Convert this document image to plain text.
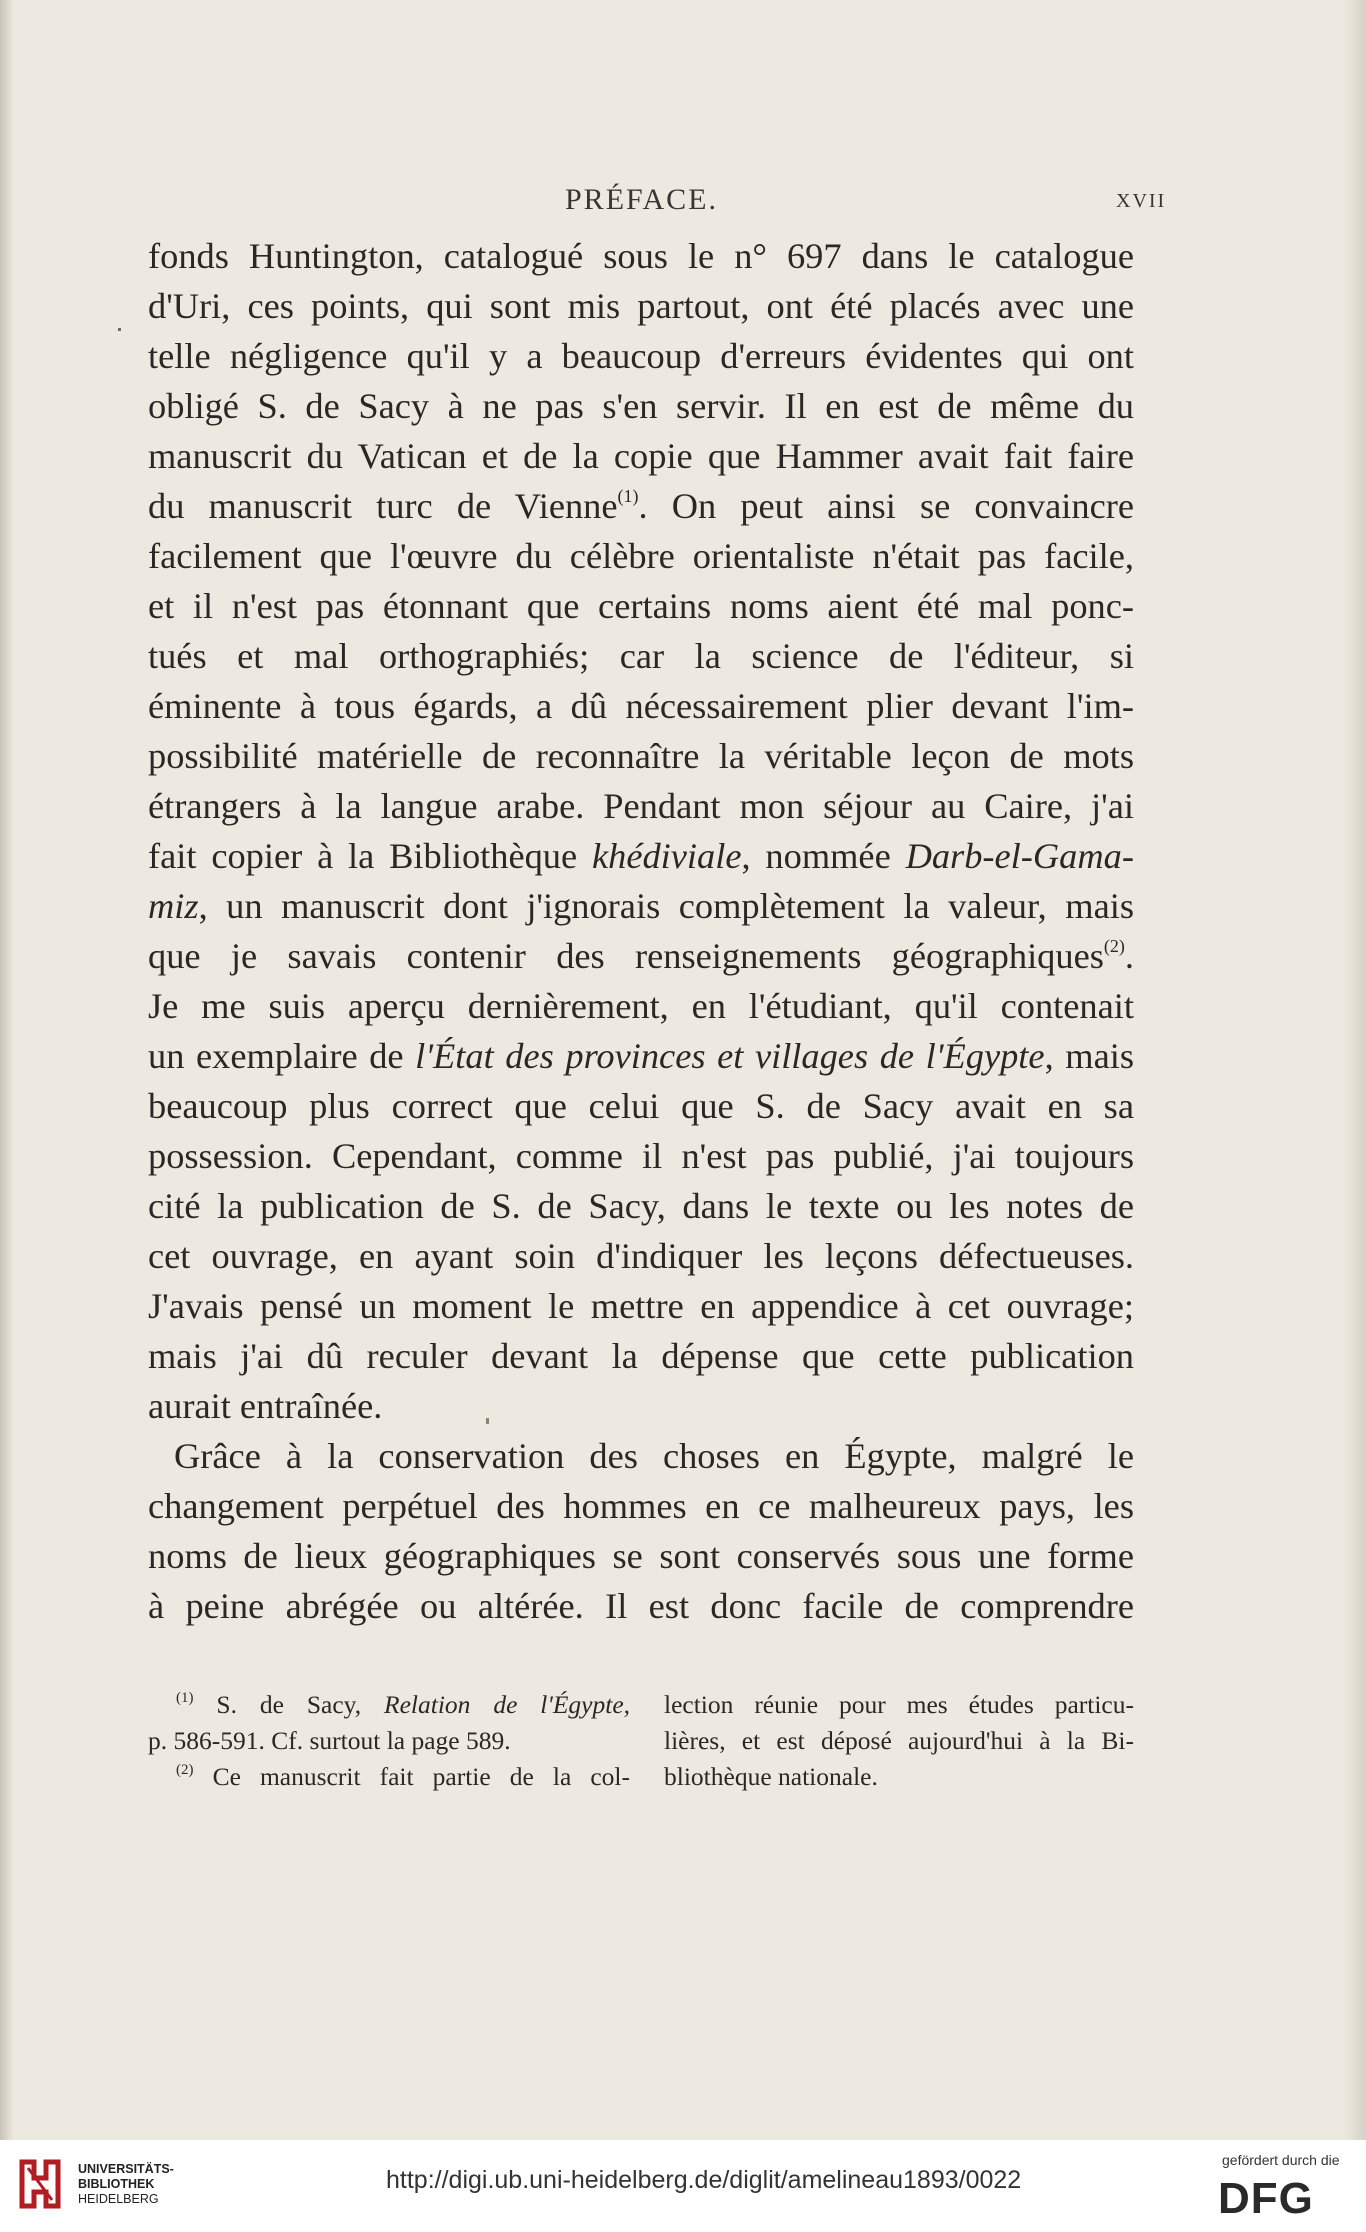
PRÉFACE.	XVII
fonds Huntington, catalogué sous le n° 697 dans le catalogue
d'Uri, ces points, qui sont mis partout, ont été placés avec une
telle négligence qu'il y a beaucoup d'erreurs évidentes qui ont
obligé S. de Sacy à ne pas s'en servir. Il en est de même du
manuscrit du Vatican et de la copie que Hammer avait fait faire
du manuscrit turc de Vienne$^{(1)}$. On peut ainsi se convaincre
facilement que l'œuvre du célèbre orientaliste n'était pas facile,
et il n'est pas étonnant que certains noms aient été mal ponc-
tués et mal orthographiés; car la science de l'éditeur, si
éminente à tous égards, a dû nécessairement plier devant l'im-
possibilité matérielle de reconnaître la véritable leçon de mots
étrangers à la langue arabe. Pendant mon séjour au Caire, j'ai
fait copier à la Bibliothèque khédiviale, nommée Darb-el-Gama-
miz, un manuscrit dont j'ignorais complètement la valeur, mais
que je savais contenir des renseignements géographiques$^{(2)}$.
Je me suis aperçu dernièrement, en l'étudiant, qu'il contenait
un exemplaire de l'État des provinces et villages de l'Égypte, mais
beaucoup plus correct que celui que S. de Sacy avait en sa
possession. Cependant, comme il n'est pas publié, j'ai toujours
cité la publication de S. de Sacy, dans le texte ou les notes de
cet ouvrage, en ayant soin d'indiquer les leçons défectueuses.
J'avais pensé un moment le mettre en appendice à cet ouvrage;
mais j'ai dû reculer devant la dépense que cette publication
aurait entraînée.
Grâce à la conservation des choses en Égypte, malgré le
changement perpétuel des hommes en ce malheureux pays, les
noms de lieux géographiques se sont conservés sous une forme
à peine abrégée ou altérée. Il est donc facile de comprendre
$^{(1)}$ S. de Sacy, Relation de l'Égypte,
p. 586-591. Cf. surtout la page 589.
$^{(2)}$ Ce manuscrit fait partie de la col-
lection réunie pour mes études particu-
lières, et est déposé aujourd'hui à la Bi-
bliothèque nationale.
UNIVERSITÄTS-
BIBLIOTHEK
HEIDELBERG
http://digi.ub.uni-heidelberg.de/diglit/amelineau1893/0022
gefördert durch die
DFG
